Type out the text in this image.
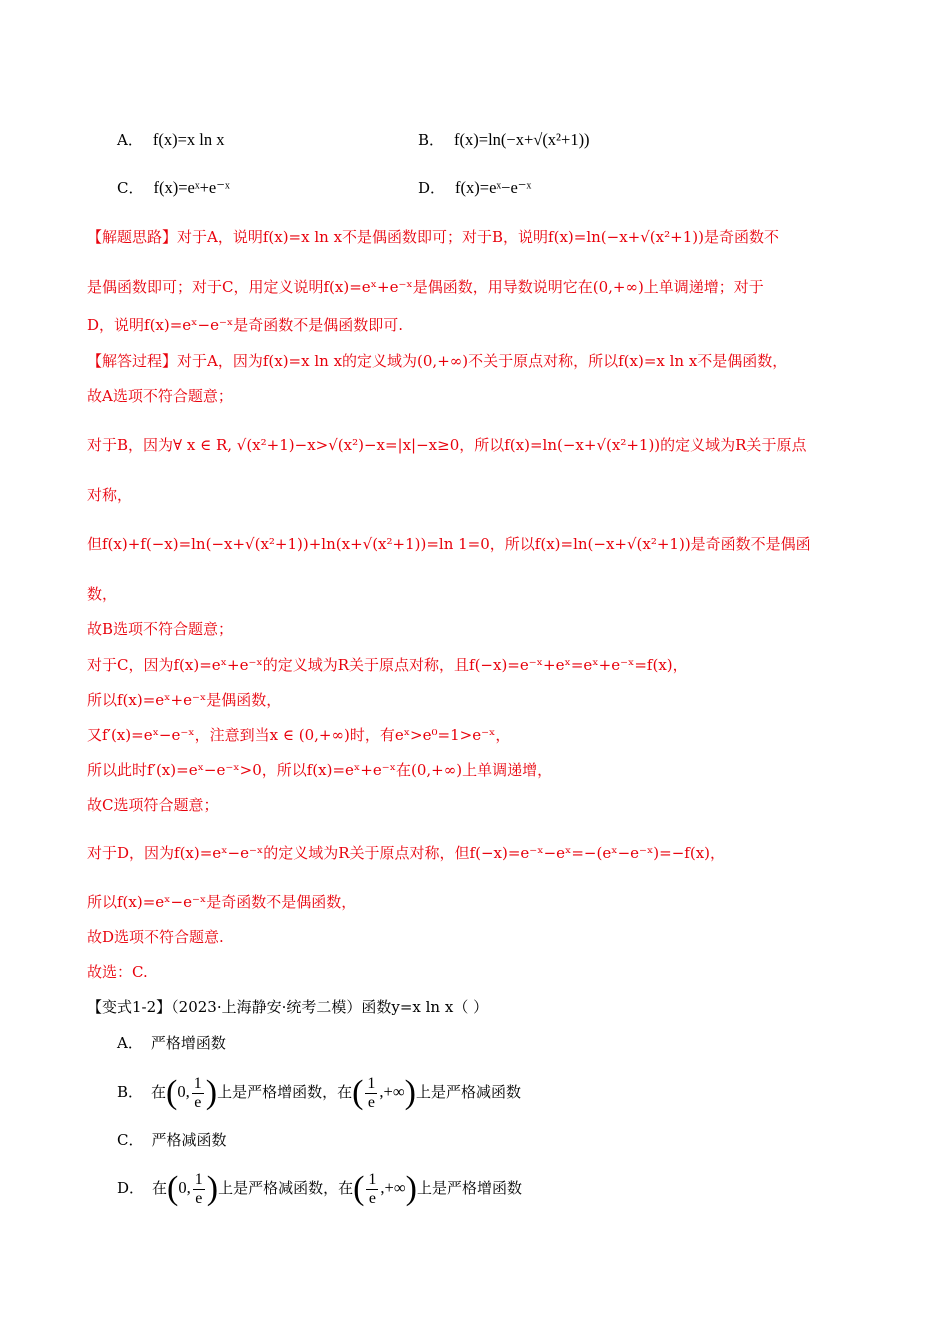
A． f(x)=x ln x	B． f(x)=ln(−x+√(x²+1))
C． f(x)=eˣ+e⁻ˣ	D． f(x)=eˣ−e⁻ˣ
【解题思路】对于A，说明f(x)=x ln x不是偶函数即可；对于B，说明f(x)=ln(−x+√(x²+1))是奇函数不
是偶函数即可；对于C，用定义说明f(x)=eˣ+e⁻ˣ是偶函数，用导数说明它在(0,+∞)上单调递增；对于
D，说明f(x)=eˣ−e⁻ˣ是奇函数不是偶函数即可.
【解答过程】对于A，因为f(x)=x ln x的定义域为(0,+∞)不关于原点对称，所以f(x)=x ln x不是偶函数，
故A选项不符合题意；
对于B，因为∀ x ∈ R, √(x²+1)−x>√(x²)−x=|x|−x≥0，所以f(x)=ln(−x+√(x²+1))的定义域为R关于原点
对称，
但f(x)+f(−x)=ln(−x+√(x²+1))+ln(x+√(x²+1))=ln 1=0，所以f(x)=ln(−x+√(x²+1))是奇函数不是偶函
数，
故B选项不符合题意；
对于C，因为f(x)=eˣ+e⁻ˣ的定义域为R关于原点对称，且f(−x)=e⁻ˣ+eˣ=eˣ+e⁻ˣ=f(x)，
所以f(x)=eˣ+e⁻ˣ是偶函数，
又f′(x)=eˣ−e⁻ˣ，注意到当x ∈ (0,+∞)时，有eˣ>e⁰=1>e⁻ˣ，
所以此时f′(x)=eˣ−e⁻ˣ>0，所以f(x)=eˣ+e⁻ˣ在(0,+∞)上单调递增，
故C选项符合题意；
对于D，因为f(x)=eˣ−e⁻ˣ的定义域为R关于原点对称，但f(−x)=e⁻ˣ−eˣ=−(eˣ−e⁻ˣ)=−f(x)，
所以f(x)=eˣ−e⁻ˣ是奇函数不是偶函数，
故D选项不符合题意.
故选：C.
【变式1-2】（2023·上海静安·统考二模）函数y=x ln x（ ）
A． 严格增函数
B． 在(0, $\frac{1}{e}$ )上是严格增函数，在( $\frac{1}{e}$ ,+∞)上是严格减函数
C． 严格减函数
D． 在(0, $\frac{1}{e}$ )上是严格减函数，在( $\frac{1}{e}$ ,+∞)上是严格增函数
